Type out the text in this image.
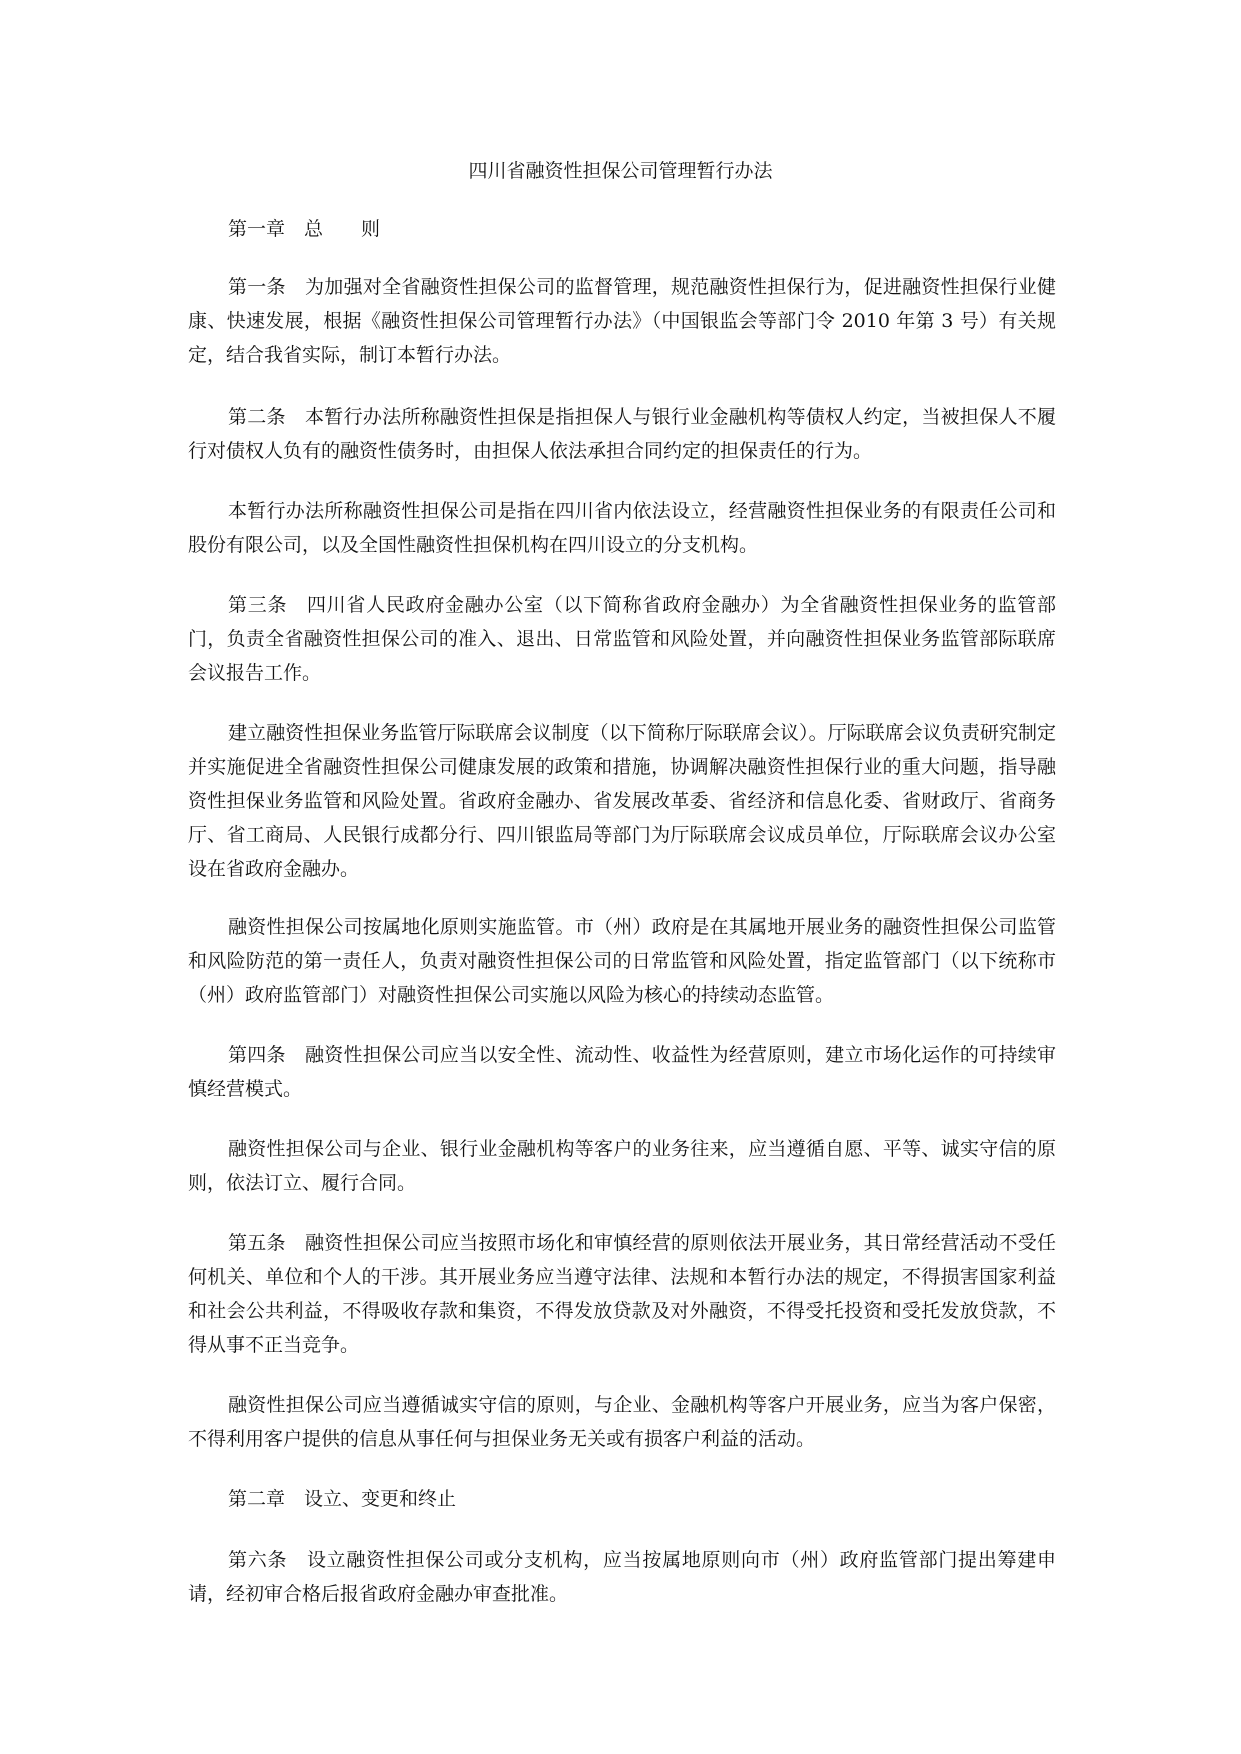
四川省融资性担保公司管理暂行办法

第一章　总　　则

第一条　为加强对全省融资性担保公司的监督管理，规范融资性担保行为，促进融资性担保行业健康、快速发展，根据《融资性担保公司管理暂行办法》（中国银监会等部门令 2010 年第 3 号）有关规定，结合我省实际，制订本暂行办法。

第二条　本暂行办法所称融资性担保是指担保人与银行业金融机构等债权人约定，当被担保人不履行对债权人负有的融资性债务时，由担保人依法承担合同约定的担保责任的行为。

本暂行办法所称融资性担保公司是指在四川省内依法设立，经营融资性担保业务的有限责任公司和股份有限公司，以及全国性融资性担保机构在四川设立的分支机构。

第三条　四川省人民政府金融办公室（以下简称省政府金融办）为全省融资性担保业务的监管部门，负责全省融资性担保公司的准入、退出、日常监管和风险处置，并向融资性担保业务监管部际联席会议报告工作。

建立融资性担保业务监管厅际联席会议制度（以下简称厅际联席会议）。厅际联席会议负责研究制定并实施促进全省融资性担保公司健康发展的政策和措施，协调解决融资性担保行业的重大问题，指导融资性担保业务监管和风险处置。省政府金融办、省发展改革委、省经济和信息化委、省财政厅、省商务厅、省工商局、人民银行成都分行、四川银监局等部门为厅际联席会议成员单位，厅际联席会议办公室设在省政府金融办。

融资性担保公司按属地化原则实施监管。市（州）政府是在其属地开展业务的融资性担保公司监管和风险防范的第一责任人，负责对融资性担保公司的日常监管和风险处置，指定监管部门（以下统称市（州）政府监管部门）对融资性担保公司实施以风险为核心的持续动态监管。

第四条　融资性担保公司应当以安全性、流动性、收益性为经营原则，建立市场化运作的可持续审慎经营模式。

融资性担保公司与企业、银行业金融机构等客户的业务往来，应当遵循自愿、平等、诚实守信的原则，依法订立、履行合同。

第五条　融资性担保公司应当按照市场化和审慎经营的原则依法开展业务，其日常经营活动不受任何机关、单位和个人的干涉。其开展业务应当遵守法律、法规和本暂行办法的规定，不得损害国家利益和社会公共利益，不得吸收存款和集资，不得发放贷款及对外融资，不得受托投资和受托发放贷款，不得从事不正当竞争。

融资性担保公司应当遵循诚实守信的原则，与企业、金融机构等客户开展业务，应当为客户保密，不得利用客户提供的信息从事任何与担保业务无关或有损客户利益的活动。

第二章　设立、变更和终止

第六条　设立融资性担保公司或分支机构，应当按属地原则向市（州）政府监管部门提出筹建申请，经初审合格后报省政府金融办审查批准。
